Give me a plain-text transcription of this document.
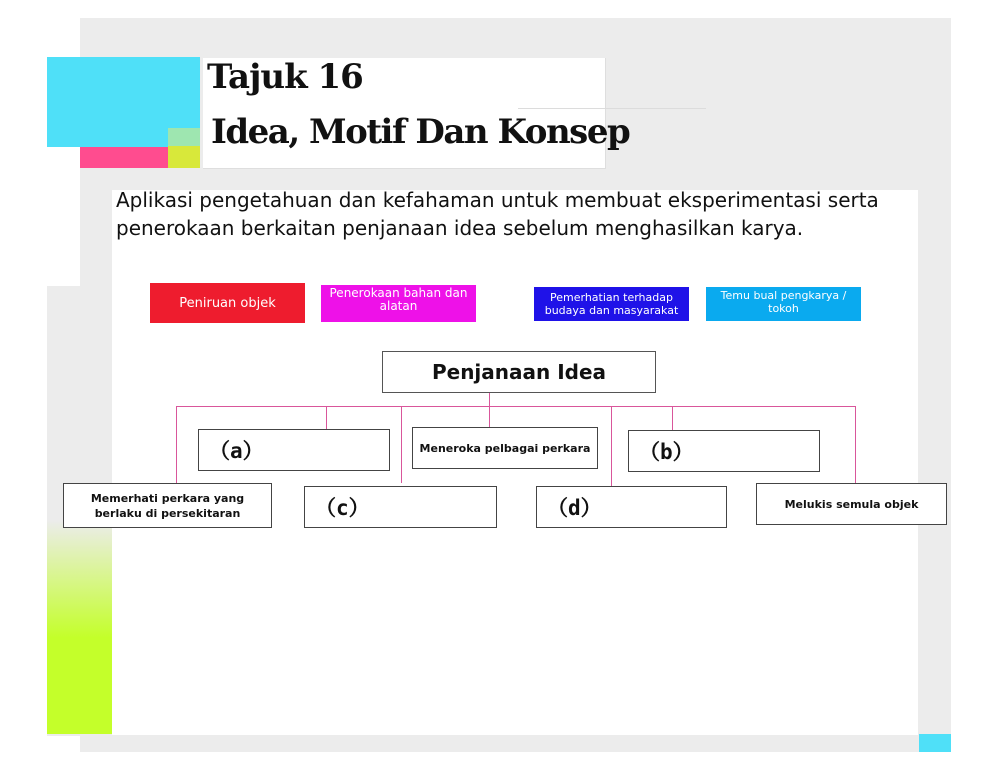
Tajuk 16
Idea, Motif Dan Konsep
Aplikasi pengetahuan dan kefahaman untuk membuat eksperimentasi serta penerokaan berkaitan penjanaan idea sebelum menghasilkan karya.
Peniruan objek
Penerokaan bahan dan alatan
Pemerhatian terhadap budaya dan masyarakat
Temu bual pengkarya / tokoh
Penjanaan Idea
（a）	Meneroka pelbagai perkara	（b）
Memerhati perkara yang berlaku di persekitaran	（c）	（d）	Melukis semula objek
